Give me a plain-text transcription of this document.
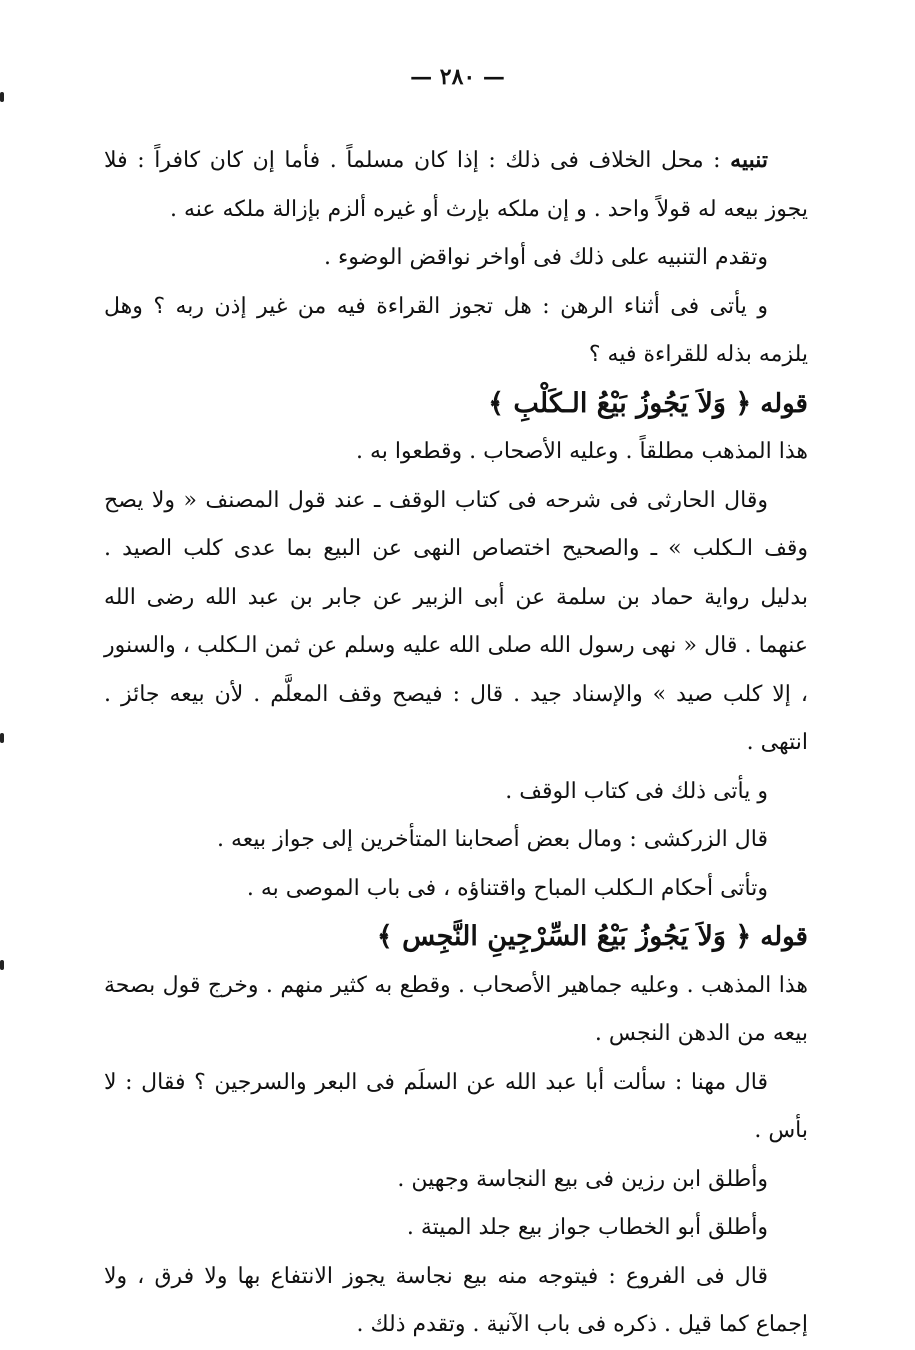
— ٢٨٠ —

تنبيه : محل الخلاف فى ذلك : إذا كان مسلماً . فأما إن كان كافراً : فلا يجوز بيعه له قولاً واحد . و إن ملكه بإرث أو غيره ألزم بإزالة ملكه عنه .

وتقدم التنبيه على ذلك فى أواخر نواقض الوضوء .

و يأتى فى أثناء الرهن : هل تجوز القراءة فيه من غير إذن ربه ؟ وهل يلزمه بذله للقراءة فيه ؟

قوله ﴿ وَلاَ يَجُوزُ بَيْعُ الـكَلْبِ ﴾

هذا المذهب مطلقاً . وعليه الأصحاب . وقطعوا به .

وقال الحارثى فى شرحه فى كتاب الوقف ـ عند قول المصنف « ولا يصح وقف الـكلب » ـ والصحيح اختصاص النهى عن البيع بما عدى كلب الصيد . بدليل رواية حماد بن سلمة عن أبى الزبير عن جابر بن عبد الله رضى الله عنهما . قال « نهى رسول الله صلى الله عليه وسلم عن ثمن الـكلب ، والسنور ، إلا كلب صيد » والإسناد جيد . قال : فيصح وقف المعلَّم . لأن بيعه جائز . انتهى .

و يأتى ذلك فى كتاب الوقف .

قال الزركشى : ومال بعض أصحابنا المتأخرين إلى جواز بيعه .

وتأتى أحكام الـكلب المباح واقتناؤه ، فى باب الموصى به .

قوله ﴿ وَلاَ يَجُوزُ بَيْعُ السِّرْجِينِ النَّجِس ﴾

هذا المذهب . وعليه جماهير الأصحاب . وقطع به كثير منهم . وخرج قول بصحة بيعه من الدهن النجس .

قال مهنا : سألت أبا عبد الله عن السلَم فى البعر والسرجين ؟ فقال : لا بأس .

وأطلق ابن رزين فى بيع النجاسة وجهين .

وأطلق أبو الخطاب جواز بيع جلد الميتة .

قال فى الفروع : فيتوجه منه بيع نجاسة يجوز الانتفاع بها ولا فرق ، ولا إجماع كما قيل . ذكره فى باب الآنية . وتقدم ذلك .
